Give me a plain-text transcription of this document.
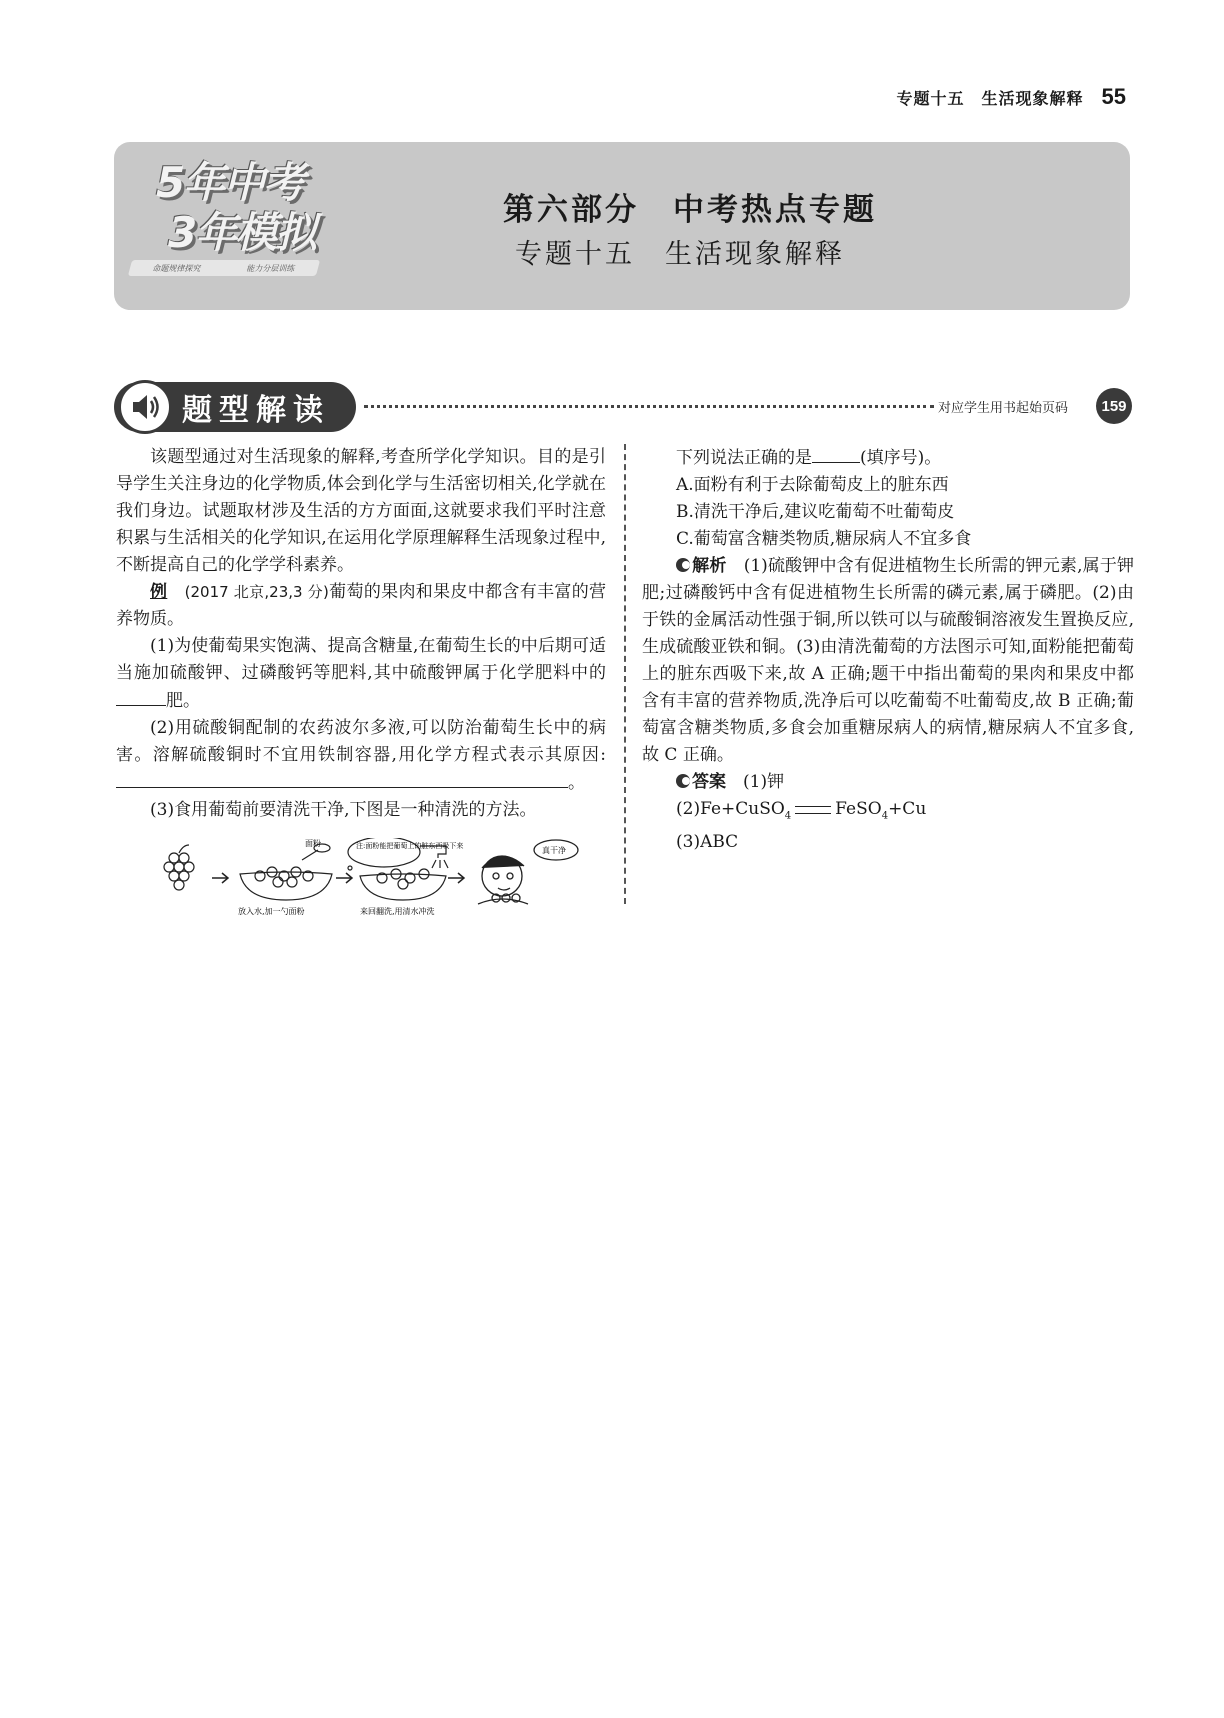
专题十五　生活现象解释 55
5年中考
3年模拟
命题规律探究	能力分层训练
第六部分　中考热点专题
专题十五　生活现象解释
题型解读	对应学生用书起始页码	159

该题型通过对生活现象的解释,考查所学化学知识。目的是引导学生关注身边的化学物质,体会到化学与生活密切相关,化学就在我们身边。试题取材涉及生活的方方面面,这就要求我们平时注意积累与生活相关的化学知识,在运用化学原理解释生活现象过程中,不断提高自己的化学学科素养。

例　 (2017 北京,23,3 分)葡萄的果肉和果皮中都含有丰富的营养物质。

(1)为使葡萄果实饱满、提高含糖量,在葡萄生长的中后期可适当施加硫酸钾、过磷酸钙等肥料,其中硫酸钾属于化学肥料中的肥。

(2)用硫酸铜配制的农药波尔多液,可以防治葡萄生长中的病害。溶解硫酸铜时不宜用铁制容器,用化学方程式表示其原因:。

(3)食用葡萄前要清洗干净,下图是一种清洗的方法。

面粉	注:面粉能把葡萄上的脏东西吸下来	真干净
放入水,加一勺面粉	来回翻洗,用清水冲洗

下列说法正确的是	(填序号)。

A.面粉有利于去除葡萄皮上的脏东西

B.清洗干净后,建议吃葡萄不吐葡萄皮

C.葡萄富含糖类物质,糖尿病人不宜多食

解析　 (1)硫酸钾中含有促进植物生长所需的钾元素,属于钾肥;过磷酸钙中含有促进植物生长所需的磷元素,属于磷肥。(2)由于铁的金属活动性强于铜,所以铁可以与硫酸铜溶液发生置换反应,生成硫酸亚铁和铜。(3)由清洗葡萄的方法图示可知,面粉能把葡萄上的脏东西吸下来,故 A 正确;题干中指出葡萄的果肉和果皮中都含有丰富的营养物质,洗净后可以吃葡萄不吐葡萄皮,故 B 正确;葡萄富含糖类物质,多食会加重糖尿病人的病情,糖尿病人不宜多食,故 C 正确。

答案　 (1)钾

(2)Fe+CuSO$_4$	FeSO$_4$+Cu

(3)ABC
